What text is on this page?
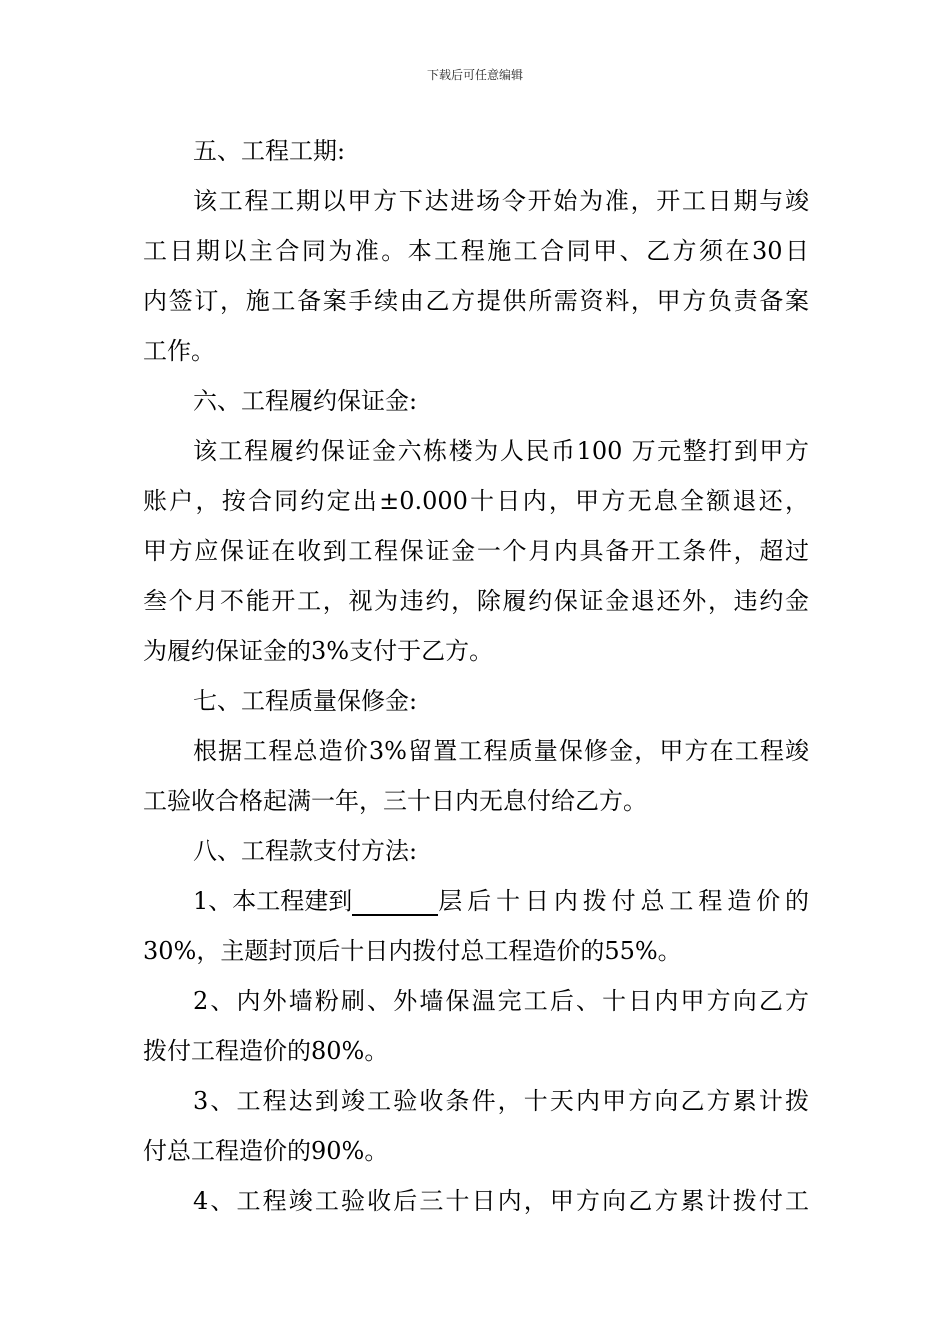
下载后可任意编辑
五、工程工期:
该工程工期以甲方下达进场令开始为准，开工日期与竣
工日期以主合同为准。本工程施工合同甲、乙方须在30日
内签订，施工备案手续由乙方提供所需资料，甲方负责备案
工作。
六、工程履约保证金:
该工程履约保证金六栋楼为人民币100 万元整打到甲方
账户，按合同约定出±0.000十日内，甲方无息全额退还，
甲方应保证在收到工程保证金一个月内具备开工条件，超过
叁个月不能开工，视为违约，除履约保证金退还外，违约金
为履约保证金的3%支付于乙方。
七、工程质量保修金:
根据工程总造价3%留置工程质量保修金，甲方在工程竣
工验收合格起满一年，三十日内无息付给乙方。
八、工程款支付方法:
1、本工程建到	层后十日内拨付总工程造价的
30%，主题封顶后十日内拨付总工程造价的55%。
2、内外墙粉刷、外墙保温完工后、十日内甲方向乙方
拨付工程造价的80%。
3、工程达到竣工验收条件，十天内甲方向乙方累计拨
付总工程造价的90%。
4、工程竣工验收后三十日内，甲方向乙方累计拨付工
